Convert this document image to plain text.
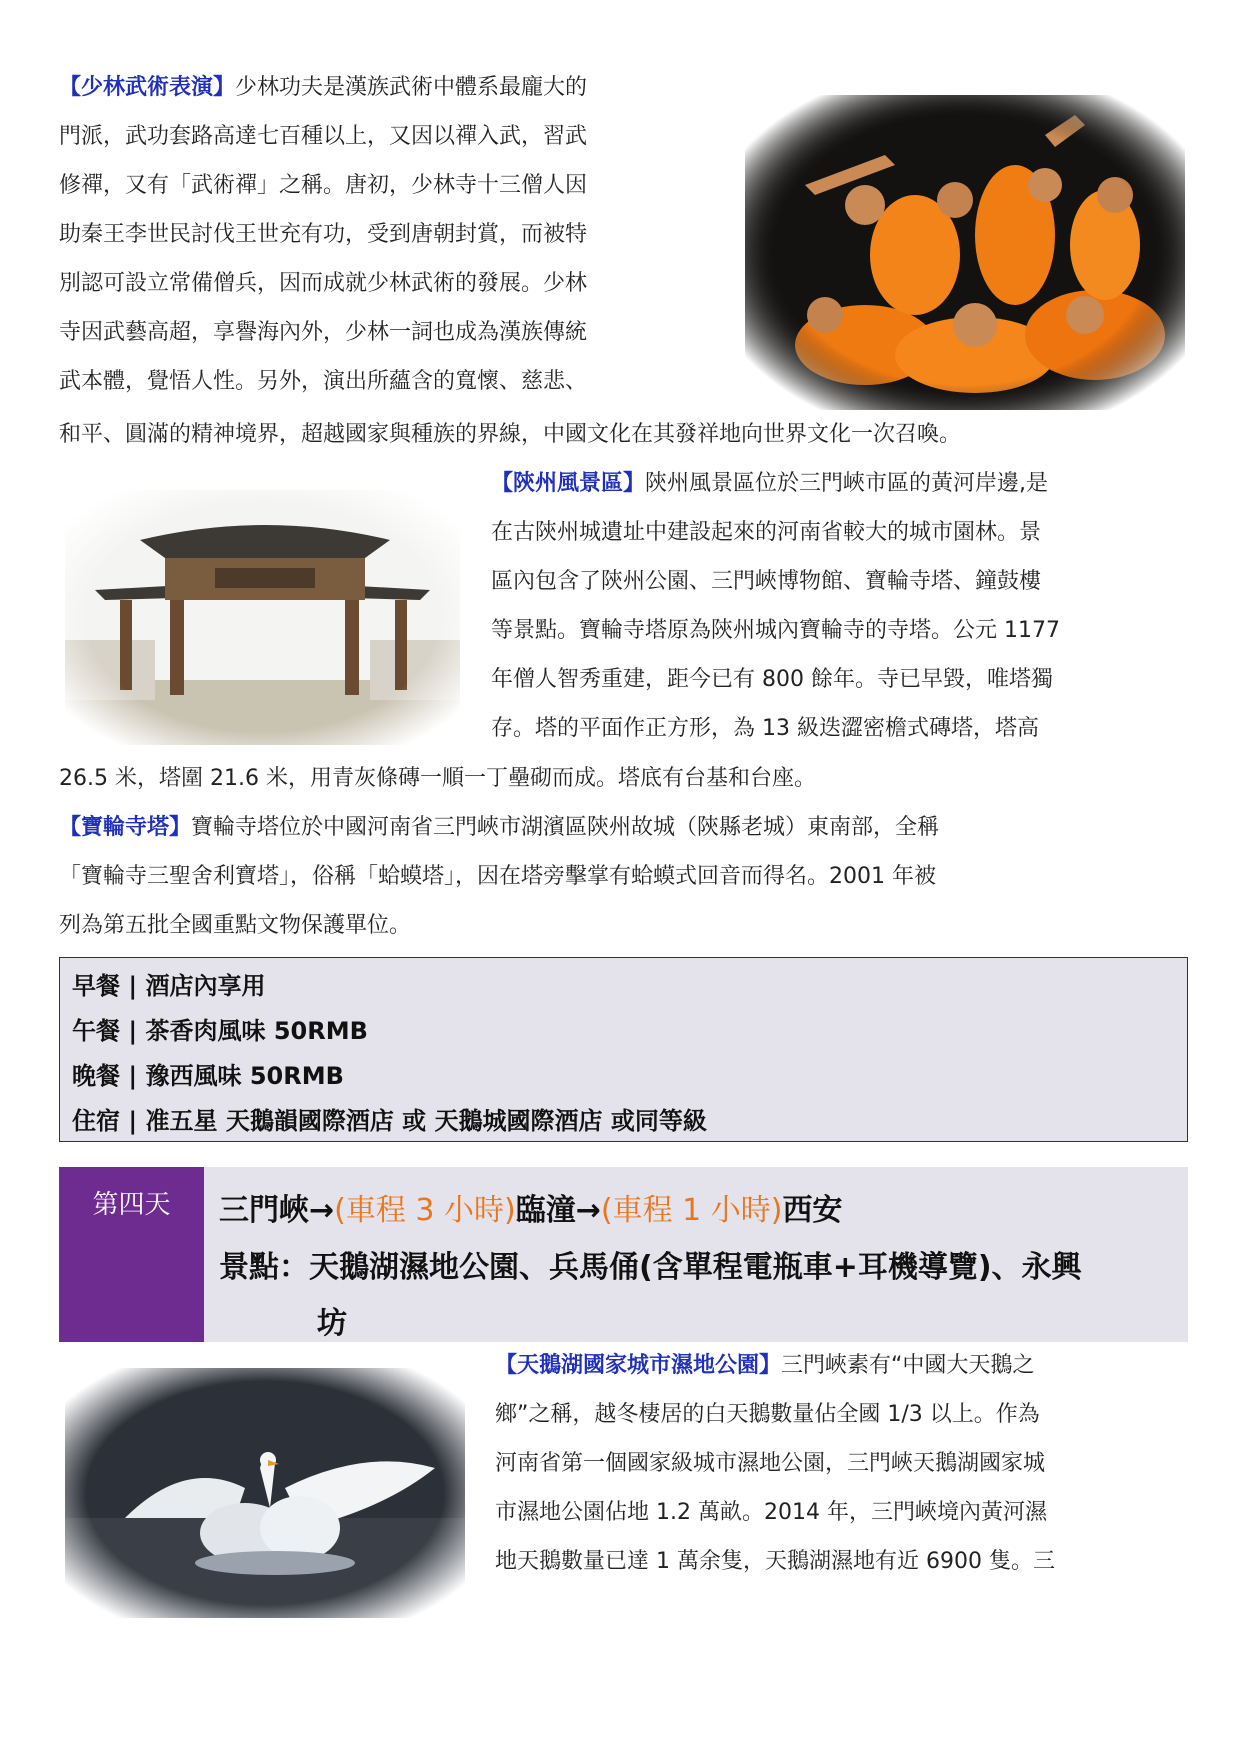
【少林武術表演】少林功夫是漢族武術中體系最龐大的
門派，武功套路高達七百種以上，又因以禪入武，習武
修禪，又有「武術禪」之稱。唐初，少林寺十三僧人因
助秦王李世民討伐王世充有功，受到唐朝封賞，而被特
別認可設立常備僧兵，因而成就少林武術的發展。少林
寺因武藝高超，享譽海內外，少林一詞也成為漢族傳統
武本體，覺悟人性。另外，演出所蘊含的寬懷、慈悲、
和平、圓滿的精神境界，超越國家與種族的界線，中國文化在其發祥地向世界文化一次召喚。
【陝州風景區】陝州風景區位於三門峽市區的黃河岸邊,是
在古陝州城遺址中建設起來的河南省較大的城市園林。景
區內包含了陝州公園、三門峽博物館、寶輪寺塔、鐘鼓樓
等景點。寶輪寺塔原為陝州城內寶輪寺的寺塔。公元 1177
年僧人智秀重建，距今已有 800 餘年。寺已早毀，唯塔獨
存。塔的平面作正方形，為 13 級迭澀密檐式磚塔，塔高
26.5 米，塔圍 21.6 米，用青灰條磚一順一丁壘砌而成。塔底有台基和台座。
【寶輪寺塔】寶輪寺塔位於中國河南省三門峽市湖濱區陝州故城（陝縣老城）東南部，全稱
「寶輪寺三聖舍利寶塔」，俗稱「蛤蟆塔」，因在塔旁擊掌有蛤蟆式回音而得名。2001 年被
列為第五批全國重點文物保護單位。
早餐 | 酒店內享用
午餐 | 茶香肉風味 50RMB
晚餐 | 豫西風味 50RMB
住宿 | 准五星 天鵝韻國際酒店 或 天鵝城國際酒店 或同等級
第四天	三門峽→(車程 3 小時)臨潼→(車程 1 小時)西安
景點：天鵝湖濕地公園、兵馬俑(含單程電瓶車+耳機導覽)、永興
坊
【天鵝湖國家城市濕地公園】三門峽素有“中國大天鵝之
鄉”之稱，越冬棲居的白天鵝數量佔全國 1/3 以上。作為
河南省第一個國家級城市濕地公園，三門峽天鵝湖國家城
市濕地公園佔地 1.2 萬畝。2014 年，三門峽境內黃河濕
地天鵝數量已達 1 萬余隻，天鵝湖濕地有近 6900 隻。三
